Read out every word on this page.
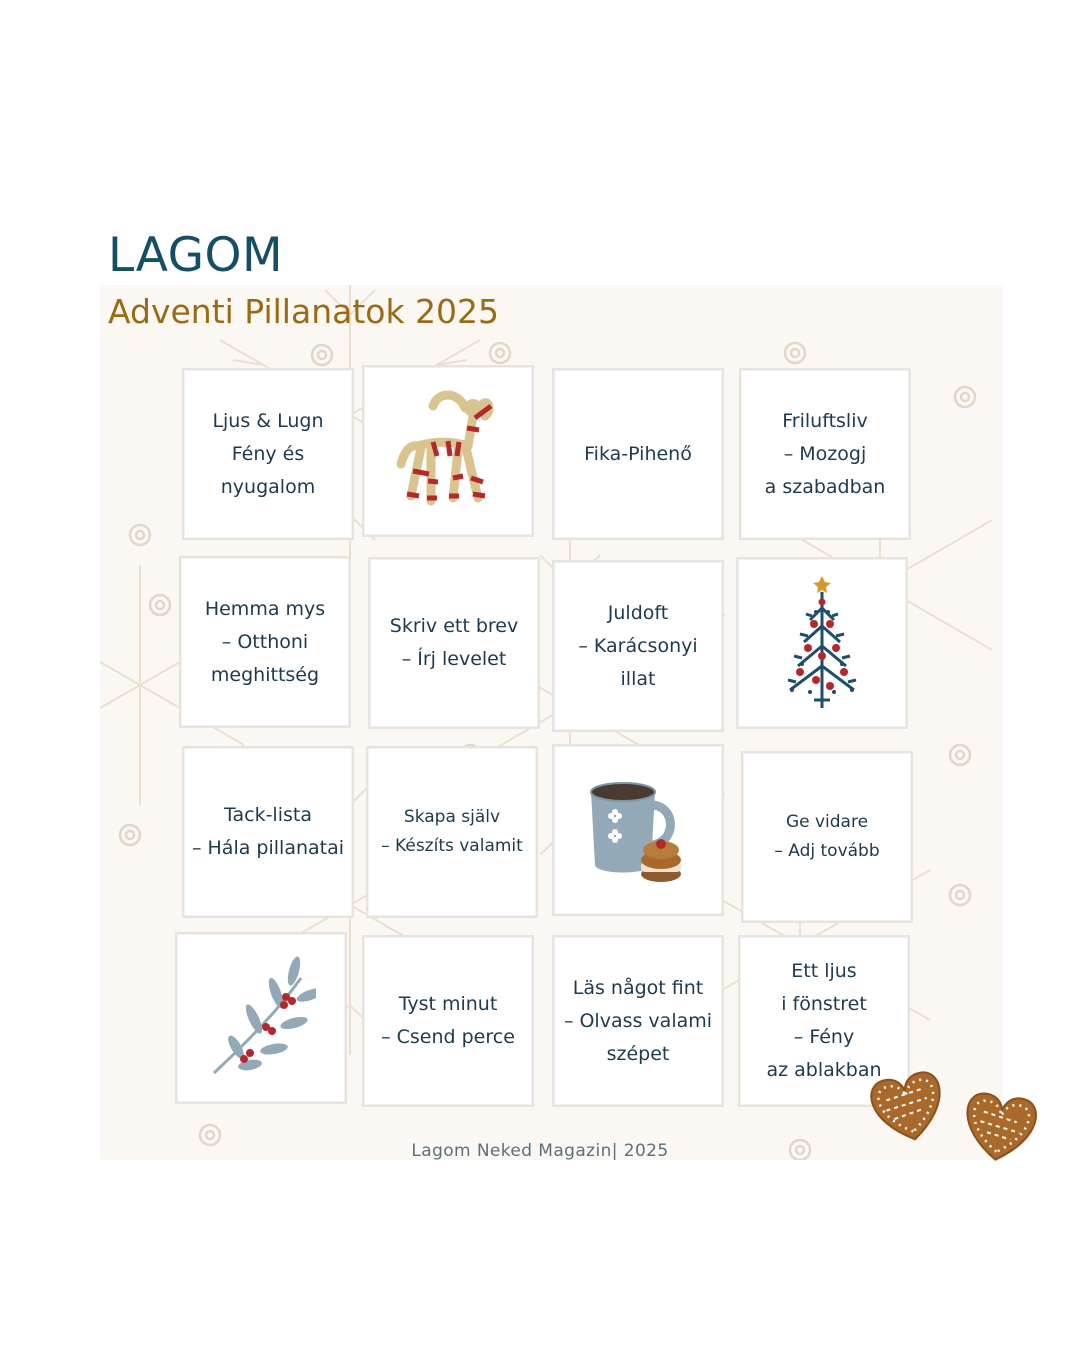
LAGOM
Adventi Pillanatok 2025
Ljus & Lugn
Fény és
nyugalom
Fika-Pihenő
Friluftsliv
– Mozogj
a szabadban
Hemma mys
– Otthoni
meghittség
Skriv ett brev
– Írj levelet
Juldoft
– Karácsonyi
illat
Tack-lista
– Hála pillanatai
Skapa själv
– Készíts valamit
Ge vidare
– Adj tovább
Tyst minut
– Csend perce
Läs något fint
– Olvass valami
szépet
Ett ljus
i fönstret
– Fény
az ablakban
Lagom Neked Magazin| 2025
